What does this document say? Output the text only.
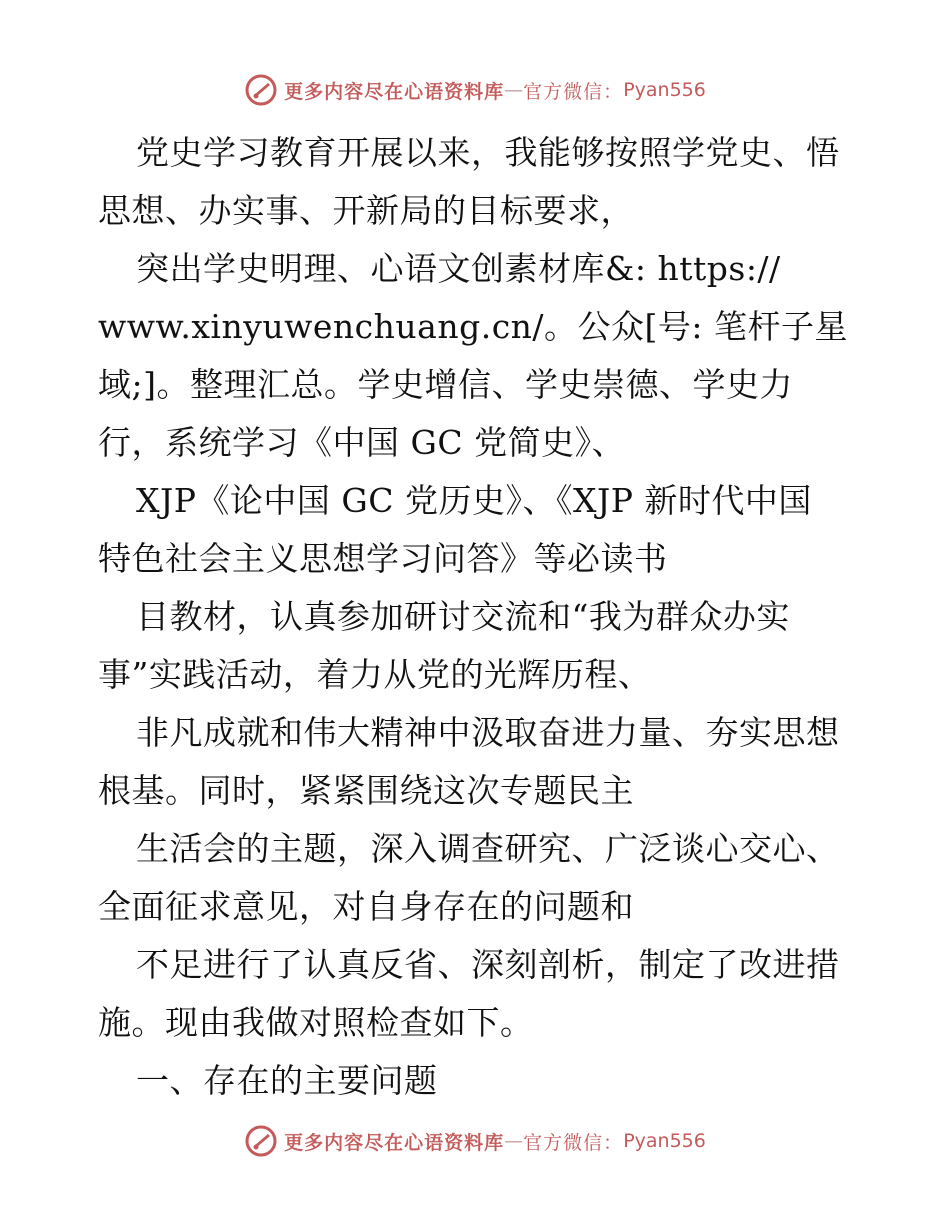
更多内容尽在心语资料库 — 官方微信： Pyan556
党史学习教育开展以来，我能够按照学党史、悟
思想、办实事、开新局的目标要求，
突出学史明理、心语文创素材库&: https://
www.xinyuwenchuang.cn/。公众[号: 笔杆子星
域;]。整理汇总。学史增信、学史崇德、学史力
行，系统学习《中国 GC 党简史》、
XJP《论中国 GC 党历史》、《XJP 新时代中国
特色社会主义思想学习问答》等必读书
目教材，认真参加研讨交流和“我为群众办实
事”实践活动，着力从党的光辉历程、
非凡成就和伟大精神中汲取奋进力量、夯实思想
根基。同时，紧紧围绕这次专题民主
生活会的主题，深入调查研究、广泛谈心交心、
全面征求意见，对自身存在的问题和
不足进行了认真反省、深刻剖析，制定了改进措
施。现由我做对照检查如下。
一、存在的主要问题
更多内容尽在心语资料库 — 官方微信： Pyan556
